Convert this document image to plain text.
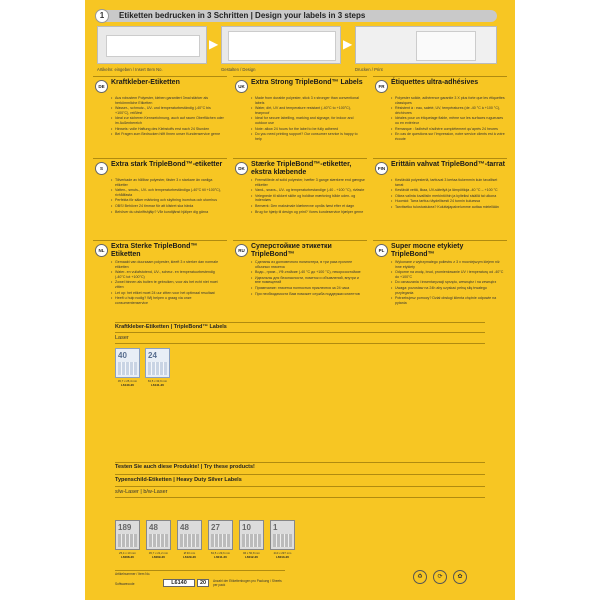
1	Etiketten bedrucken in 3 Schritten | Design your labels in 3 steps
▶	▶
Artikelnr. eingeben / Insert Item No.	Gestalten / Design	Drucken / Print
DE
Kraftkleber-Etiketten
• Aus robustem Polyester, kleben garantiert 3mal stärker als herkömmliche Etiketten
• Wasser-, schmutz-, UV- und temperaturbeständig (-40°C bis +100°C), reißfest
• Ideal zur sicheren Kennzeichnung, auch auf rauen Oberflächen oder im Außenbereich
• Hinweis: volle Haftung des Klebstoffs erst nach 24 Stunden
• Bei Fragen zum Bedrucken hilft Ihnen unser Kundenservice gerne
UK
Extra Strong TripleBond™ Labels
• Made from durable polyester, stick 3 x stronger than conventional labels
• Water, dirt, UV and temperature resistant (-40°C to +100°C), tearproof
• Ideal for secure labelling, marking and signage, for indoor and outdoor use
• Note: allow 24 hours for the label to be fully adhered
• Do you need printing support? Our consumer service is happy to help
FR
Étiquettes ultra-adhésives
• Polyester solide, adhérence garantie 3 X plus forte que les étiquettes classiques
• Résistent à : eau, saleté, UV, températures (de -40 °C à +100 °C), déchirures
• Idéales pour un étiquetage fiable, même sur les surfaces rugueuses ou en extérieur
• Remarque : l'adhésif n'adhère complètement qu'après 24 heures
• En cas de questions sur l'impression, notre service clients est à votre écoute
S
Extra stark TripleBond™-etiketter
• Tillverkade av hållbar polyester, fäster 3 x starkare än vanliga etiketter
• Vatten-, smuts-, UV- och temperaturbeständiga (-40°C till +100°C), rivhållfasta
• Perfekta för säker märkning och skyltning inomhus och utomhus
• OBS! Behöver 24 timmar för att klistret ska härda
• Behöver du utskriftshjälp? Vår kundtjänst hjälper dig gärna
DK
Stærke TripleBond™-etiketter, ekstra klæbende
• Fremstillede af solid polyester, hæfter 3 gange stærkere end gængse etiketter
• Vand-, snavs-, UV- og temperaturbestandige (-40 - +100 °C), rivfaste
• Velegnede til sikkert skilte og holdbar mærkning både uden- og indendørs
• Bemærk: Den maksimale klæbeevne opnås først efter et døgn
• Brug for hjælp til design og print? Vores kundeservice hjælper gerne
FIN
Erittäin vahvat TripleBond™-tarrat
• Kestävää polyesteriä, tarttuvat 3 kertaa tiukemmin kuin tavalliset tarrat
• Kestävät vettä, likaa, UV-säteilyä ja lämpötiloja -40 °C – +100 °C
• Oikea valinta luvallisiin merkintöihin ja kylteiksi sisällä tai ulkona
• Huomioi: Tarra tarttuu täydellisesti 24 tunnin kuluessa
• Tarvitsetko tulostustukea? Kuluttajapalvelumme auttaa mielellään
NL
Extra Sterke TripleBond™ Etiketten
• Gemaakt van duurzaam polyester, kleeft 3 x sterker dan normale etiketten
• Water- en vuilafstotend, UV-, scheur- en temperatuurbestendig (-40°C tot +100°C)
• Zowel binnen als buiten te gebruiken, voor als het echt niet moet zitten
• Let op: het etiket moet 24 uur zitten voor het optimaal resultaat
• Heeft u hulp nodig? Wij helpen u graag via onze consumentenservice
RU
Суперстойкие этикетки TripleBond™
• Сделаны из долговечного полиэстера, в три раза прочнее обычных этикеток
• Водо-, грязе-, УФ-стойкие (-40 °C до +100 °C), некорозостойкие
• Идеальны для безопасности, пометок и объявлений, внутри и вне помещений
• Примечание: этикетка полностью приклеится за 24 часа
• При необходимости Вам поможет служба поддержки клиентов
PL
Super mocne etykiety TripleBond™
• Wykonane z wytrzymałego poliestru z 3 x mocniejszym klejem niż inne etykiety
• Odporne na wodę, brud, promieniowanie UV i temperaturę od -40°C do +100°C
• Do oznaczania i inwentaryzacji sprzętu, wewnątrz i na zewnątrz
• Uwaga: pozostaw na 24h aby uzyskać pełną siłę trwałego przylegania
• Potrzebujesz pomocy? Dział obsługi klienta chętnie odpowie na pytania
Kraftkleber-Etiketten | TripleBond™ Labels
Laser
40
45,7 x 25,4 mm
L6140-20
24
63,5 x 33,9 mm
L6141-20
Testen Sie auch diese Produkte! | Try these products!
Typenschild-Etiketten | Heavy Duty Silver Labels
s/w-Laser | b/w-Laser
189
25,4 x 10 mm
L6008-20
48
45,7 x 21,2 mm
L6009-20
48
Ø 30 mm
L6129-20
27
63,5 x 29,6 mm
L6011-20
10
96 x 50,8 mm
L6012-20
1
210 x 297 mm
L6013-20
Artikelnummer / Item No.
Softwarecode	L6140	20	Anzahl der Etikettenbogen pro Packung / Sheets per pack
♻	⟳	✿
